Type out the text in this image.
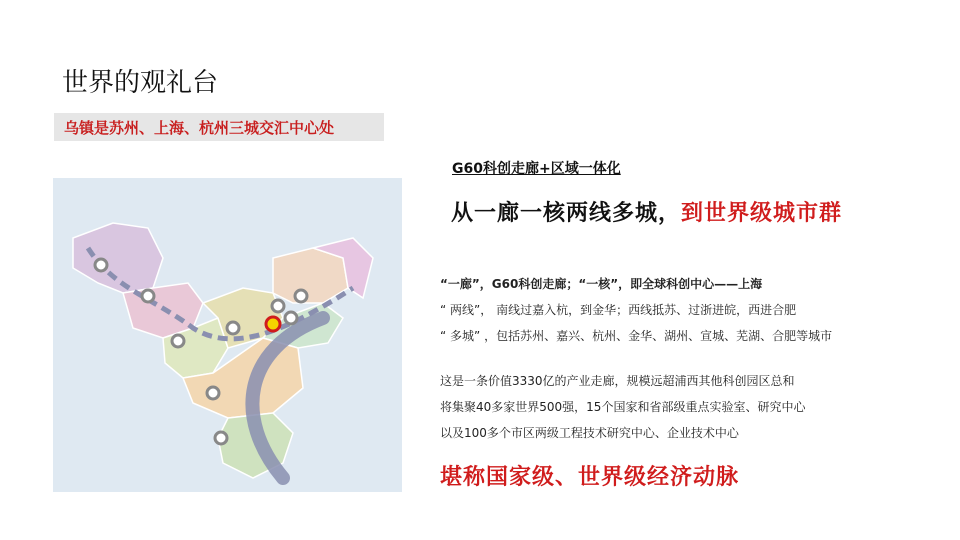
世界的观礼台
乌镇是苏州、上海、杭州三城交汇中心处
G60科创走廊+区域一体化
从一廊一核两线多城，到世界级城市群
“一廊”，G60科创走廊；“一核”，即全球科创中心——上海
“ 两线”， 南线过嘉入杭，到金华；西线抵苏、过浙进皖，西进合肥
“ 多城” ，包括苏州、嘉兴、杭州、金华、湖州、宣城、芜湖、合肥等城市
这是一条价值3330亿的产业走廊，规模远超浦西其他科创园区总和
将集聚40多家世界500强，15个国家和省部级重点实验室、研究中心
以及100多个市区两级工程技术研究中心、企业技术中心
堪称国家级、世界级经济动脉
